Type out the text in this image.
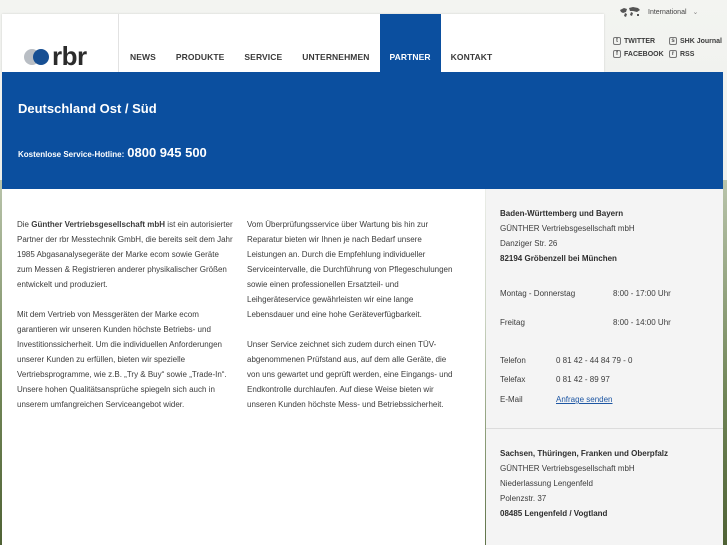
rbr	NEWS	PRODUKTE	SERVICE	UNTERNEHMEN	PARTNER	KONTAKT
International ⌄
t TWITTER	s SHK Journal
f FACEBOOK	r RSS
Deutschland Ost / Süd
Kostenlose Service-Hotline: 0800 945 500

Die Günther Vertriebsgesellschaft mbH ist ein autorisierter Partner der rbr Messtechnik GmbH, die bereits seit dem Jahr 1985 Abgasanalysegeräte der Marke ecom sowie Geräte zum Messen & Registrieren anderer physikalischer Größen entwickelt und produziert.

Mit dem Vertrieb von Messgeräten der Marke ecom garantieren wir unseren Kunden höchste Betriebs- und Investitionssicherheit. Um die individuellen Anforderungen unserer Kunden zu erfüllen, bieten wir spezielle Vertriebsprogramme, wie z.B. „Try & Buy“ sowie „Trade-In“. Unsere hohen Qualitätsansprüche spiegeln sich auch in unserem umfangreichen Serviceangebot wider.

Vom Überprüfungsservice über Wartung bis hin zur Reparatur bieten wir Ihnen je nach Bedarf unsere Leistungen an. Durch die Empfehlung individueller Serviceintervalle, die Durchführung von Pflegeschulungen sowie einen professionellen Ersatzteil- und Leihgeräteservice gewährleisten wir eine lange Lebensdauer und eine hohe Geräteverfügbarkeit.

Unser Service zeichnet sich zudem durch einen TÜV-abgenommenen Prüfstand aus, auf dem alle Geräte, die von uns gewartet und geprüft werden, eine Eingangs- und Endkontrolle durchlaufen. Auf diese Weise bieten wir unseren Kunden höchste Mess- und Betriebssicherheit.

Baden-Württemberg und Bayern
GÜNTHER Vertriebsgesellschaft mbH
Danziger Str. 26
82194 Gröbenzell bei München
Montag - Donnerstag	8:00 - 17:00 Uhr
Freitag	8:00 - 14:00 Uhr
Telefon	0 81 42 - 44 84 79 - 0
Telefax	0 81 42 - 89 97
E-Mail	Anfrage senden
Sachsen, Thüringen, Franken und Oberpfalz
GÜNTHER Vertriebsgesellschaft mbH
Niederlassung Lengenfeld
Polenzstr. 37
08485 Lengenfeld / Vogtland
